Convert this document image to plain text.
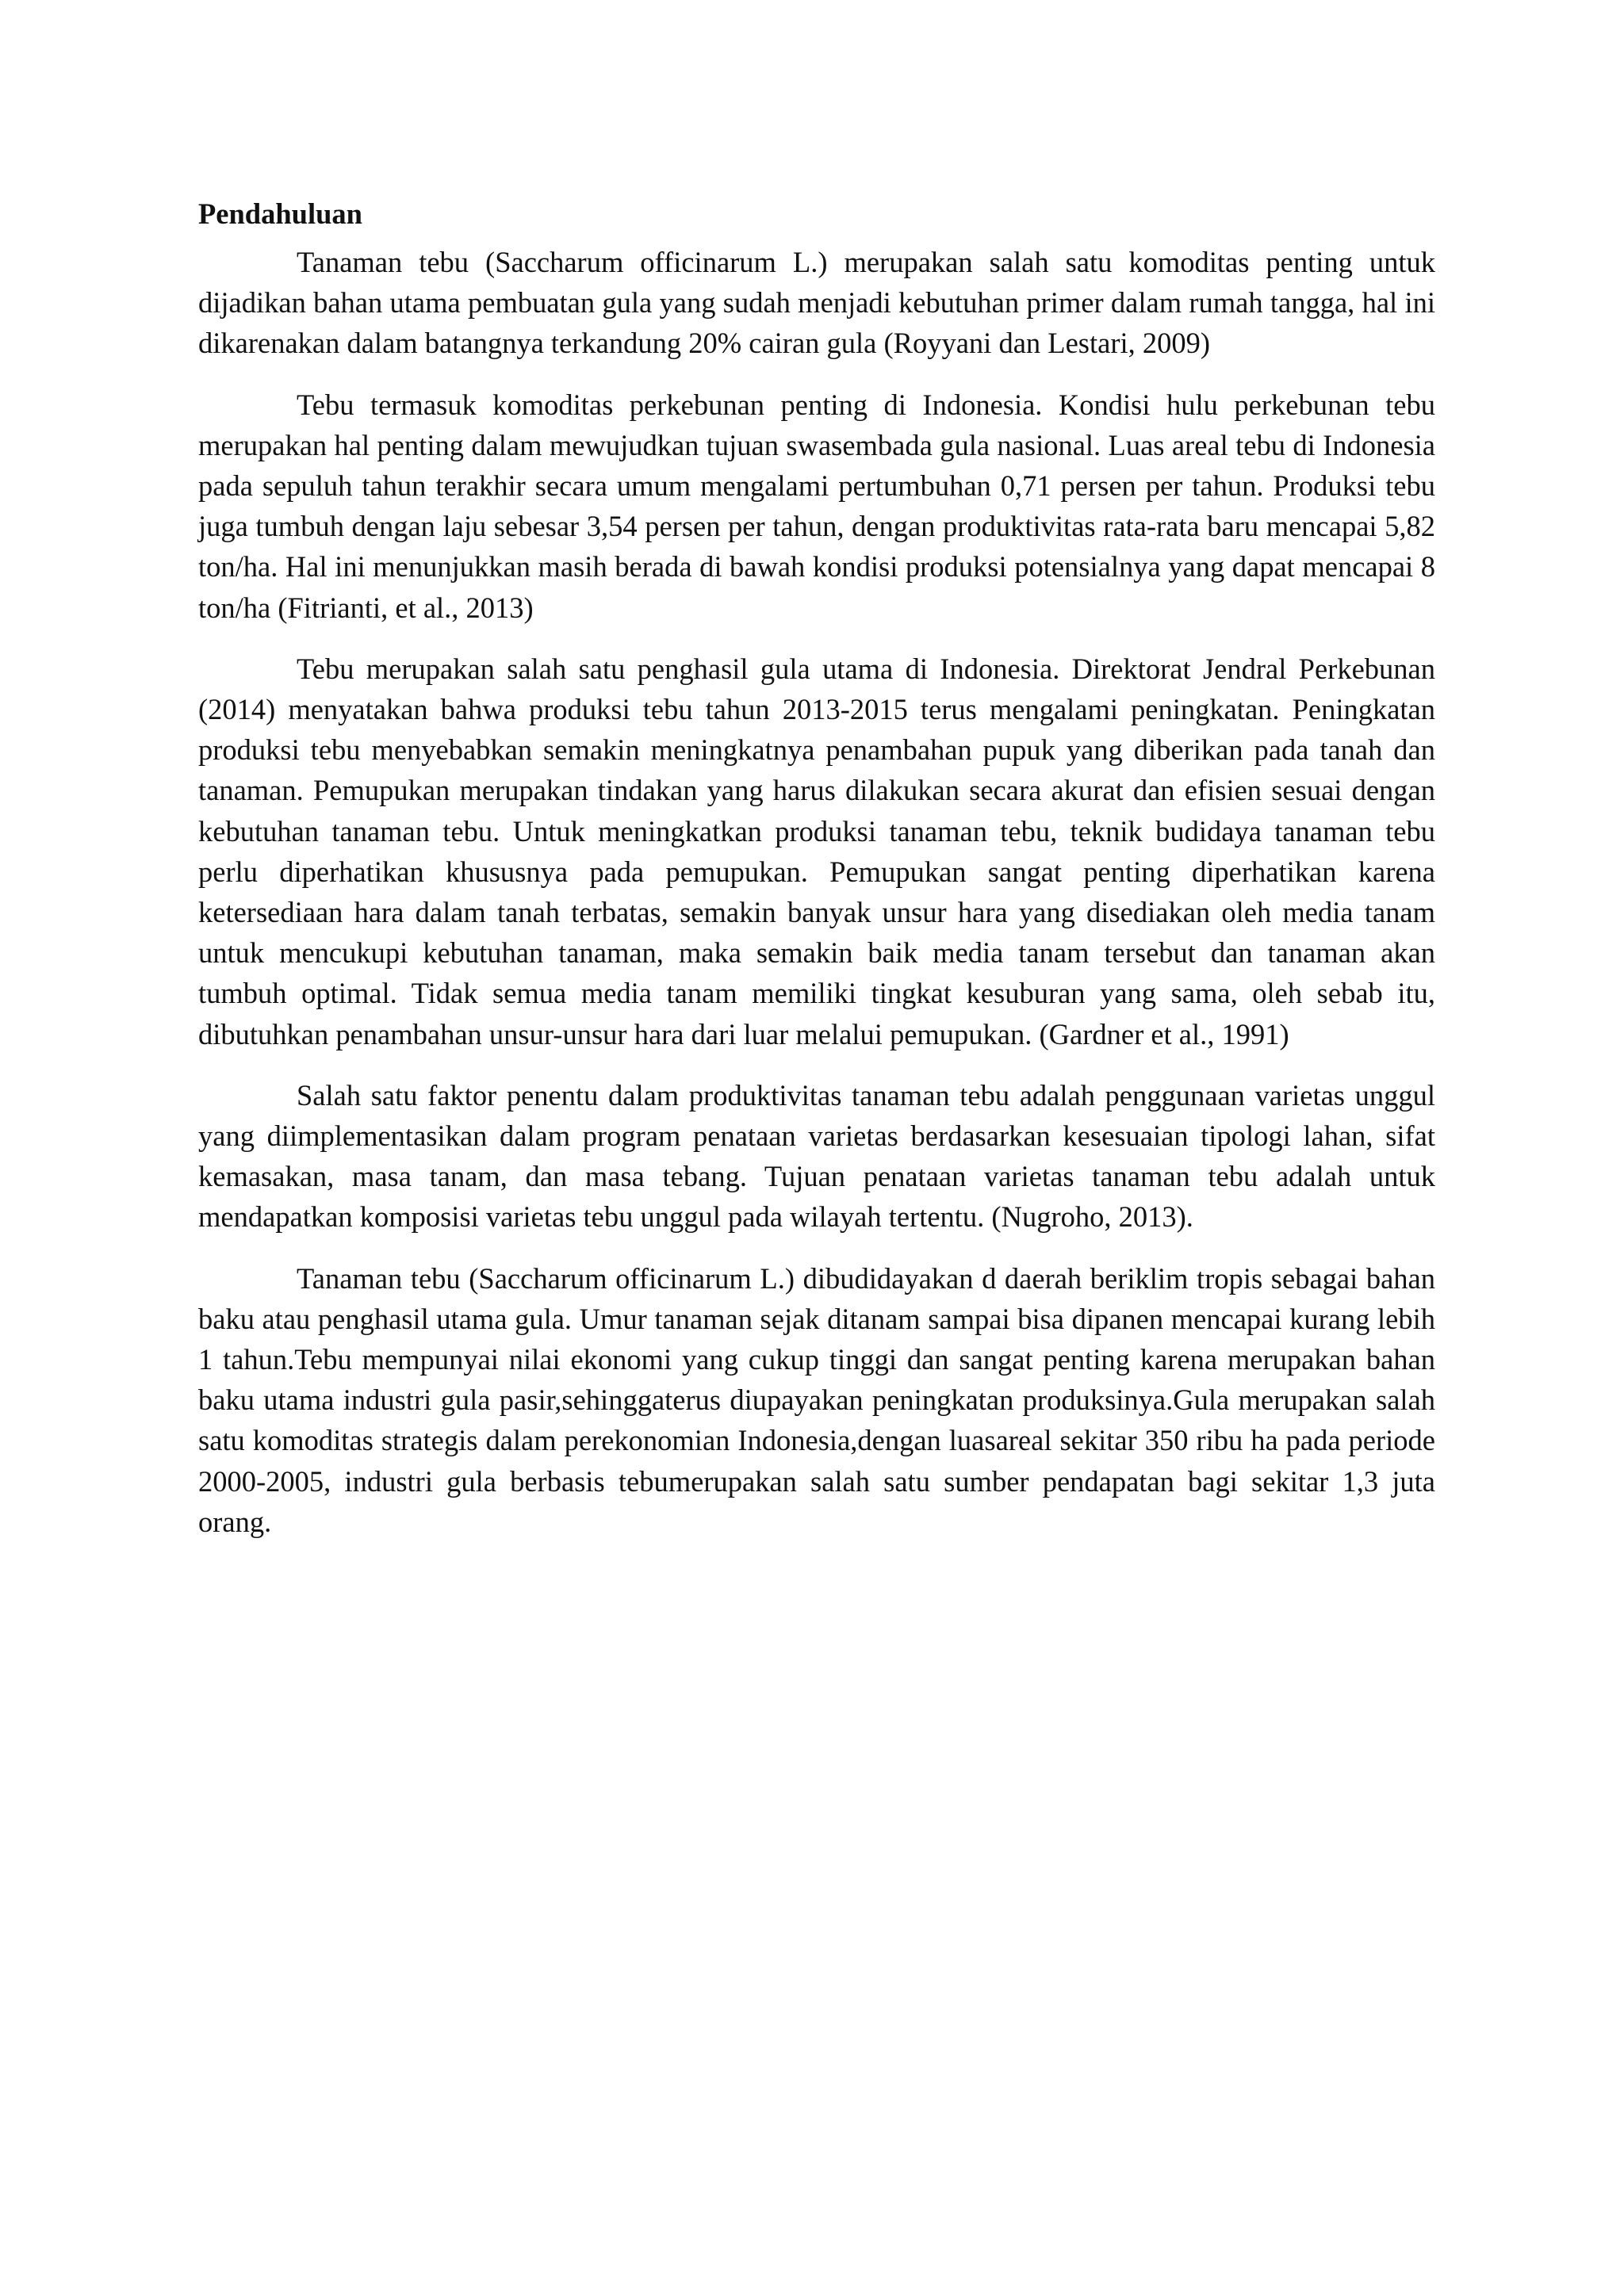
Pendahuluan

Tanaman tebu (Saccharum officinarum L.) merupakan salah satu komoditas penting untuk dijadikan bahan utama pembuatan gula yang sudah menjadi kebutuhan primer dalam rumah tangga, hal ini dikarenakan dalam batangnya terkandung 20% cairan gula (Royyani dan Lestari, 2009)

Tebu termasuk komoditas perkebunan penting di Indonesia. Kondisi hulu perkebunan tebu merupakan hal penting dalam mewujudkan tujuan swasembada gula nasional. Luas areal tebu di Indonesia pada sepuluh tahun terakhir secara umum mengalami pertumbuhan 0,71 persen per tahun. Produksi tebu juga tumbuh dengan laju sebesar 3,54 persen per tahun, dengan produktivitas rata-rata baru mencapai 5,82 ton/ha. Hal ini menunjukkan masih berada di bawah kondisi produksi potensialnya yang dapat mencapai 8 ton/ha (Fitrianti, et al., 2013)

Tebu merupakan salah satu penghasil gula utama di Indonesia. Direktorat Jendral Perkebunan (2014) menyatakan bahwa produksi tebu tahun 2013-2015 terus mengalami peningkatan. Peningkatan produksi tebu menyebabkan semakin meningkatnya penambahan pupuk yang diberikan pada tanah dan tanaman. Pemupukan merupakan tindakan yang harus dilakukan secara akurat dan efisien sesuai dengan kebutuhan tanaman tebu. Untuk meningkatkan produksi tanaman tebu, teknik budidaya tanaman tebu perlu diperhatikan khususnya pada pemupukan. Pemupukan sangat penting diperhatikan karena ketersediaan hara dalam tanah terbatas, semakin banyak unsur hara yang disediakan oleh media tanam untuk mencukupi kebutuhan tanaman, maka semakin baik media tanam tersebut dan tanaman akan tumbuh optimal. Tidak semua media tanam memiliki tingkat kesuburan yang sama, oleh sebab itu, dibutuhkan penambahan unsur-unsur hara dari luar melalui pemupukan. (Gardner et al., 1991)

Salah satu faktor penentu dalam produktivitas tanaman tebu adalah penggunaan varietas unggul yang diimplementasikan dalam program penataan varietas berdasarkan kesesuaian tipologi lahan, sifat kemasakan, masa tanam, dan masa tebang. Tujuan penataan varietas tanaman tebu adalah untuk mendapatkan komposisi varietas tebu unggul pada wilayah tertentu. (Nugroho, 2013).

Tanaman tebu (Saccharum officinarum L.) dibudidayakan d daerah beriklim tropis sebagai bahan baku atau penghasil utama gula. Umur tanaman sejak ditanam sampai bisa dipanen mencapai kurang lebih 1 tahun.Tebu mempunyai nilai ekonomi yang cukup tinggi dan sangat penting karena merupakan bahan baku utama industri gula pasir,sehinggaterus diupayakan peningkatan produksinya.Gula merupakan salah satu komoditas strategis dalam perekonomian Indonesia,dengan luasareal sekitar 350 ribu ha pada periode 2000-2005, industri gula berbasis tebumerupakan salah satu sumber pendapatan bagi sekitar 1,3 juta orang.
